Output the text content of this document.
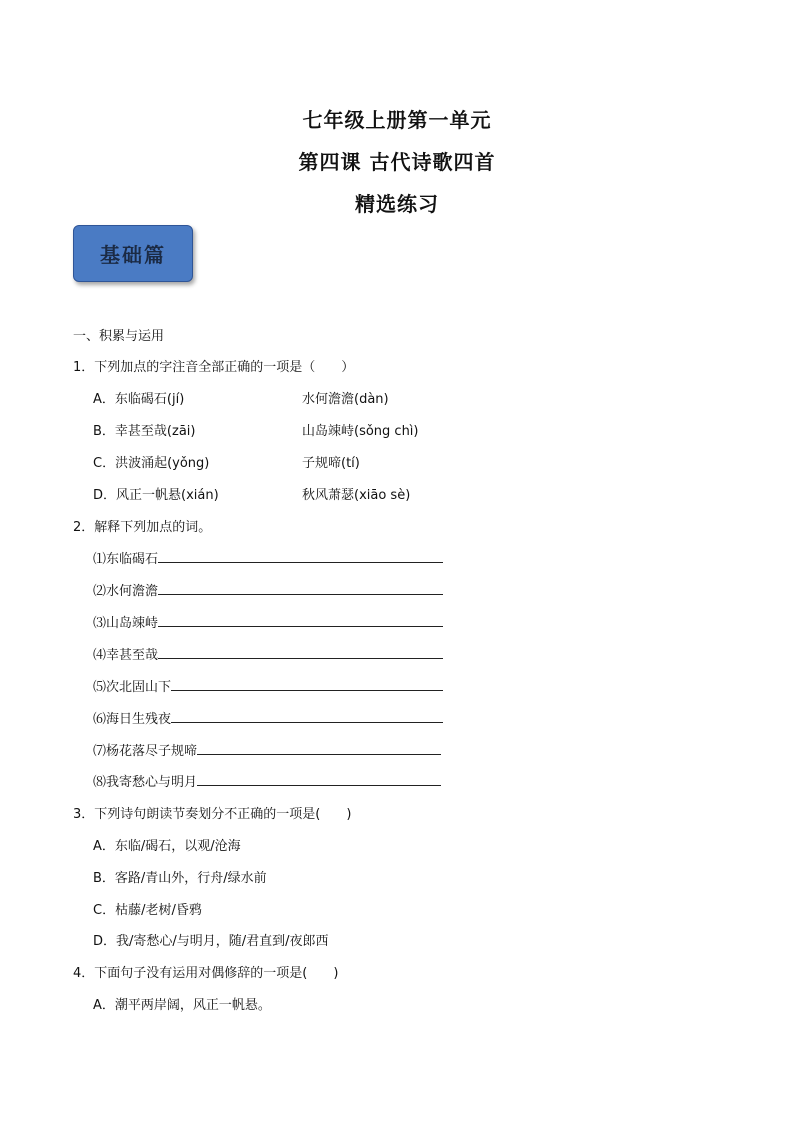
七年级上册第一单元
第四课 古代诗歌四首
精选练习
基础篇
一、积累与运用
1．下列加点的字注音全部正确的一项是（　　）
A．东临碣石(jí)	水何澹澹(dàn)
B．幸甚至哉(zāi)	山岛竦峙(sǒng chì)
C．洪波涌起(yǒng)	子规啼(tí)
D．风正一帆悬(xián)	秋风萧瑟(xiāo sè)
2．解释下列加点的词。
⑴东临碣石
⑵水何澹澹
⑶山岛竦峙
⑷幸甚至哉
⑸次北固山下
⑹海日生残夜
⑺杨花落尽子规啼
⑻我寄愁心与明月
3．下列诗句朗读节奏划分不正确的一项是(　　)
A．东临/碣石，以观/沧海
B．客路/青山外，行舟/绿水前
C．枯藤/老树/昏鸦
D．我/寄愁心/与明月，随/君直到/夜郎西
4．下面句子没有运用对偶修辞的一项是(　　)
A．潮平两岸阔，风正一帆悬。
